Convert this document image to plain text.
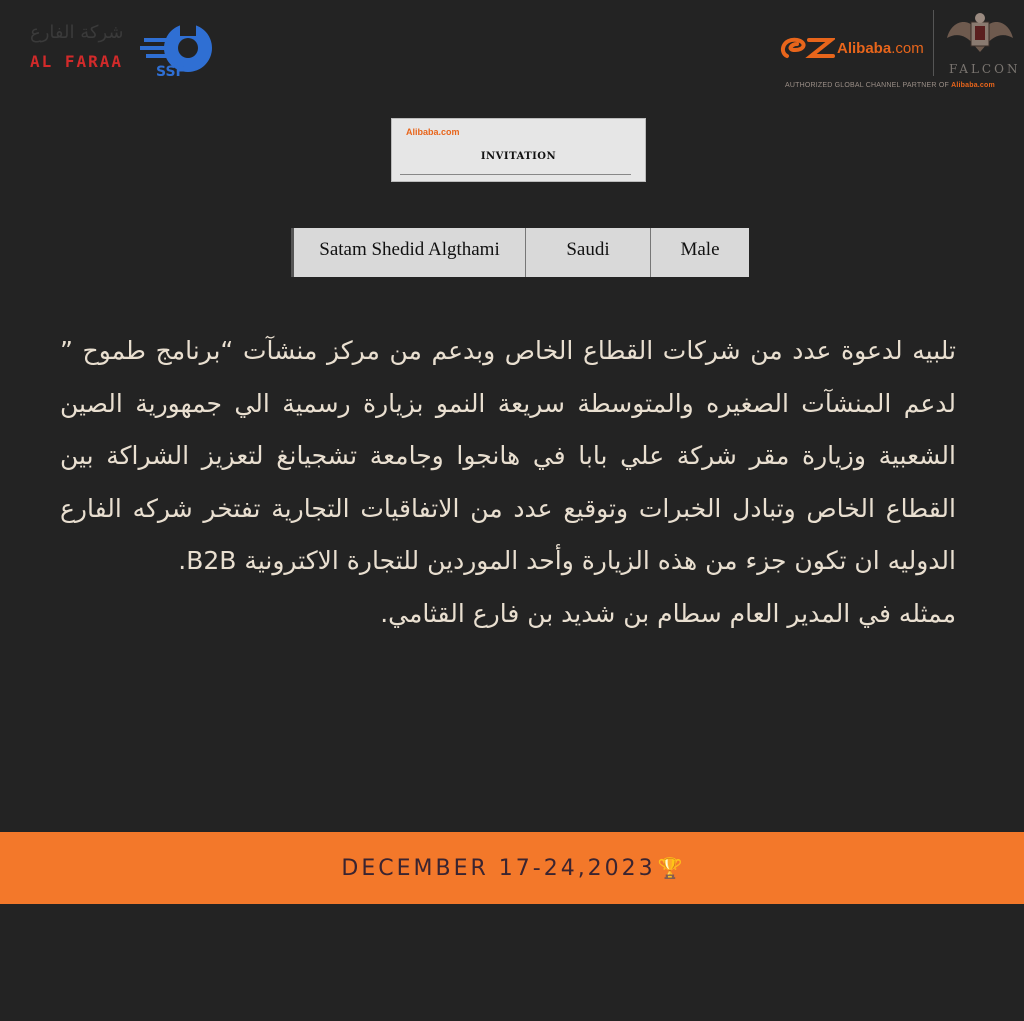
شركة الفارع
AL FARAA
SSF
Alibaba.com
FALCON
AUTHORIZED GLOBAL CHANNEL PARTNER OF Alibaba.com
Alibaba.com
INVITATION
Satam Shedid Algthami	Saudi	Male

تلبيه لدعوة عدد من شركات القطاع الخاص وبدعم من مركز منشآت “برنامج طموح ” لدعم المنشآت الصغيره والمتوسطة سريعة النمو بزيارة رسمية الي جمهورية الصين الشعبية وزيارة مقر شركة علي بابا في هانجوا وجامعة تشجيانغ لتعزيز الشراكة بين القطاع الخاص وتبادل الخبرات وتوقيع عدد من الاتفاقيات التجارية تفتخر شركه الفارع الدوليه ان تكون جزء من هذه الزيارة وأحد الموردين للتجارة الاكترونية B2B.

ممثله في المدير العام سطام بن شديد بن فارع القثامي.

DECEMBER 17-24,2023 🏆
